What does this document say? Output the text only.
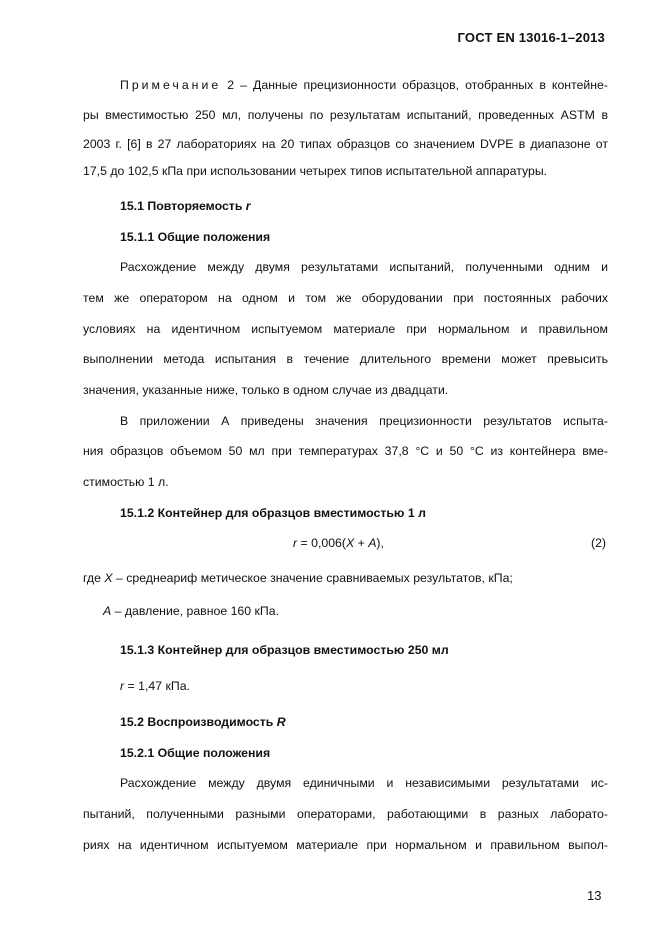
ГОСТ EN 13016-1–2013
Примечание 2 – Данные прецизионности образцов, отобранных в контейне-
ры вместимостью 250 мл, получены по результатам испытаний, проведенных ASTM в
2003 г. [6] в 27 лабораториях на 20 типах образцов со значением DVPE в диапазоне от
17,5 до 102,5 кПа при использовании четырех типов испытательной аппаратуры.
15.1 Повторяемость r
15.1.1 Общие положения
Расхождение между двумя результатами испытаний, полученными одним и
тем же оператором на одном и том же оборудовании при постоянных рабочих
условиях на идентичном испытуемом материале при нормальном и правильном
выполнении метода испытания в течение длительного времени может превысить
значения, указанные ниже, только в одном случае из двадцати.
В приложении А приведены значения прецизионности результатов испыта-
ния образцов объемом 50 мл при температурах 37,8 °С и 50 °С из контейнера вме-
стимостью 1 л.
15.1.2 Контейнер для образцов вместимостью 1 л
r = 0,006(X + A),	(2)
где X – среднеариф метическое значение сравниваемых результатов, кПа;
A – давление, равное 160 кПа.
15.1.3 Контейнер для образцов вместимостью 250 мл
r = 1,47 кПа.
15.2 Воспроизводимость R
15.2.1 Общие положения
Расхождение между двумя единичными и независимыми результатами ис-
пытаний, полученными разными операторами, работающими в разных лаборато-
риях на идентичном испытуемом материале при нормальном и правильном выпол-
13
